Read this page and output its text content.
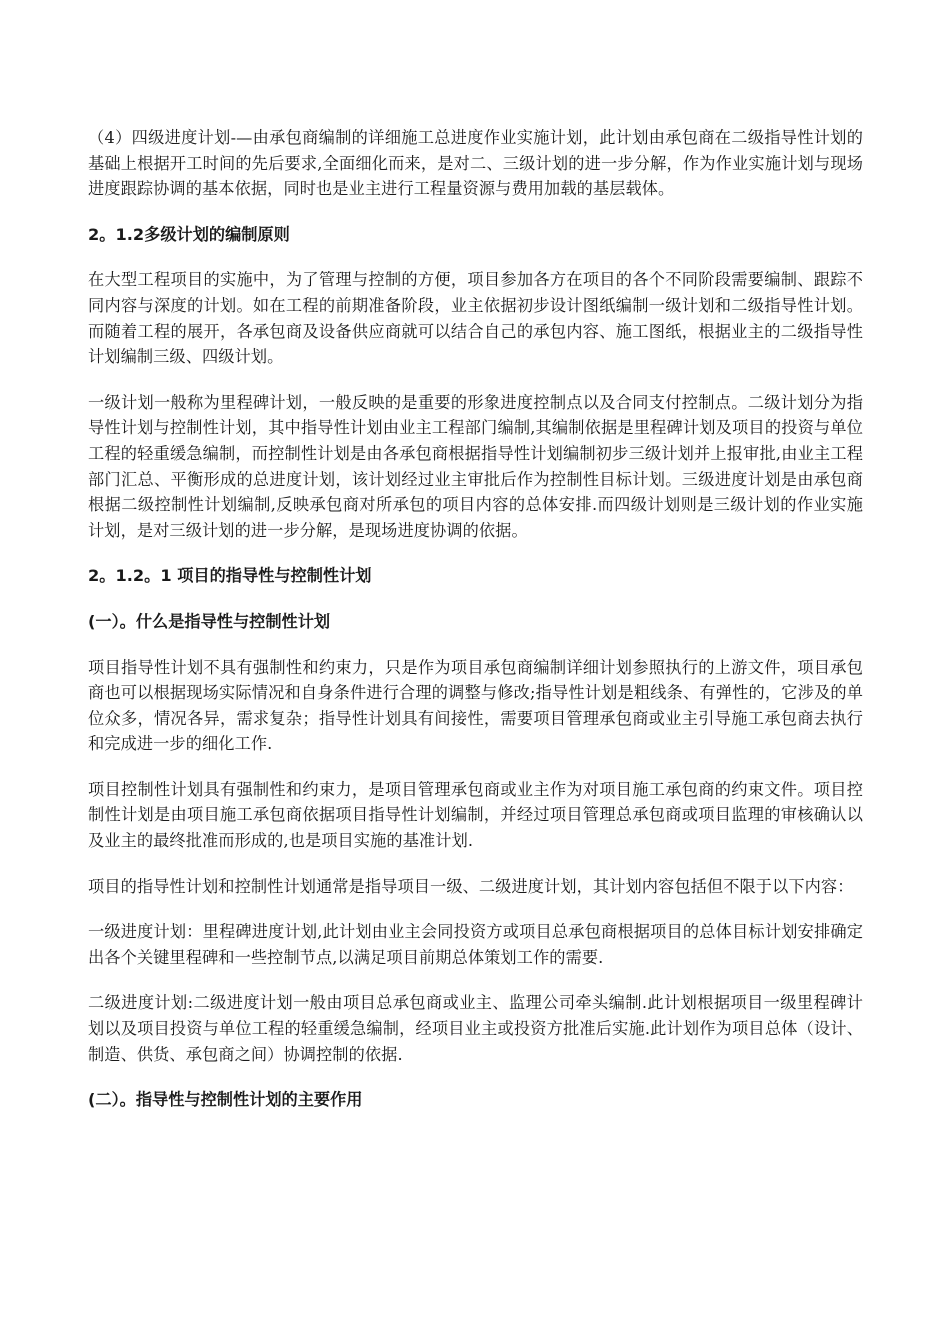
（4）四级进度计划-—由承包商编制的详细施工总进度作业实施计划，此计划由承包商在二级指导性计划的基础上根据开工时间的先后要求,全面细化而来，是对二、三级计划的进一步分解，作为作业实施计划与现场进度跟踪协调的基本依据，同时也是业主进行工程量资源与费用加载的基层载体。

2。1.2多级计划的编制原则

在大型工程项目的实施中，为了管理与控制的方便，项目参加各方在项目的各个不同阶段需要编制、跟踪不同内容与深度的计划。如在工程的前期准备阶段，业主依据初步设计图纸编制一级计划和二级指导性计划。而随着工程的展开，各承包商及设备供应商就可以结合自己的承包内容、施工图纸，根据业主的二级指导性计划编制三级、四级计划。

一级计划一般称为里程碑计划，一般反映的是重要的形象进度控制点以及合同支付控制点。二级计划分为指导性计划与控制性计划，其中指导性计划由业主工程部门编制,其编制依据是里程碑计划及项目的投资与单位工程的轻重缓急编制，而控制性计划是由各承包商根据指导性计划编制初步三级计划并上报审批,由业主工程部门汇总、平衡形成的总进度计划，该计划经过业主审批后作为控制性目标计划。三级进度计划是由承包商根据二级控制性计划编制,反映承包商对所承包的项目内容的总体安排.而四级计划则是三级计划的作业实施计划，是对三级计划的进一步分解，是现场进度协调的依据。

2。1.2。1 项目的指导性与控制性计划
(一）。什么是指导性与控制性计划

项目指导性计划不具有强制性和约束力，只是作为项目承包商编制详细计划参照执行的上游文件，项目承包商也可以根据现场实际情况和自身条件进行合理的调整与修改;指导性计划是粗线条、有弹性的，它涉及的单位众多，情况各异，需求复杂；指导性计划具有间接性，需要项目管理承包商或业主引导施工承包商去执行和完成进一步的细化工作.

项目控制性计划具有强制性和约束力，是项目管理承包商或业主作为对项目施工承包商的约束文件。项目控制性计划是由项目施工承包商依据项目指导性计划编制，并经过项目管理总承包商或项目监理的审核确认以及业主的最终批准而形成的,也是项目实施的基准计划.

项目的指导性计划和控制性计划通常是指导项目一级、二级进度计划，其计划内容包括但不限于以下内容：

一级进度计划：里程碑进度计划,此计划由业主会同投资方或项目总承包商根据项目的总体目标计划安排确定出各个关键里程碑和一些控制节点,以满足项目前期总体策划工作的需要.

二级进度计划:二级进度计划一般由项目总承包商或业主、监理公司牵头编制.此计划根据项目一级里程碑计划以及项目投资与单位工程的轻重缓急编制，经项目业主或投资方批准后实施.此计划作为项目总体（设计、制造、供货、承包商之间）协调控制的依据.

(二）。指导性与控制性计划的主要作用
